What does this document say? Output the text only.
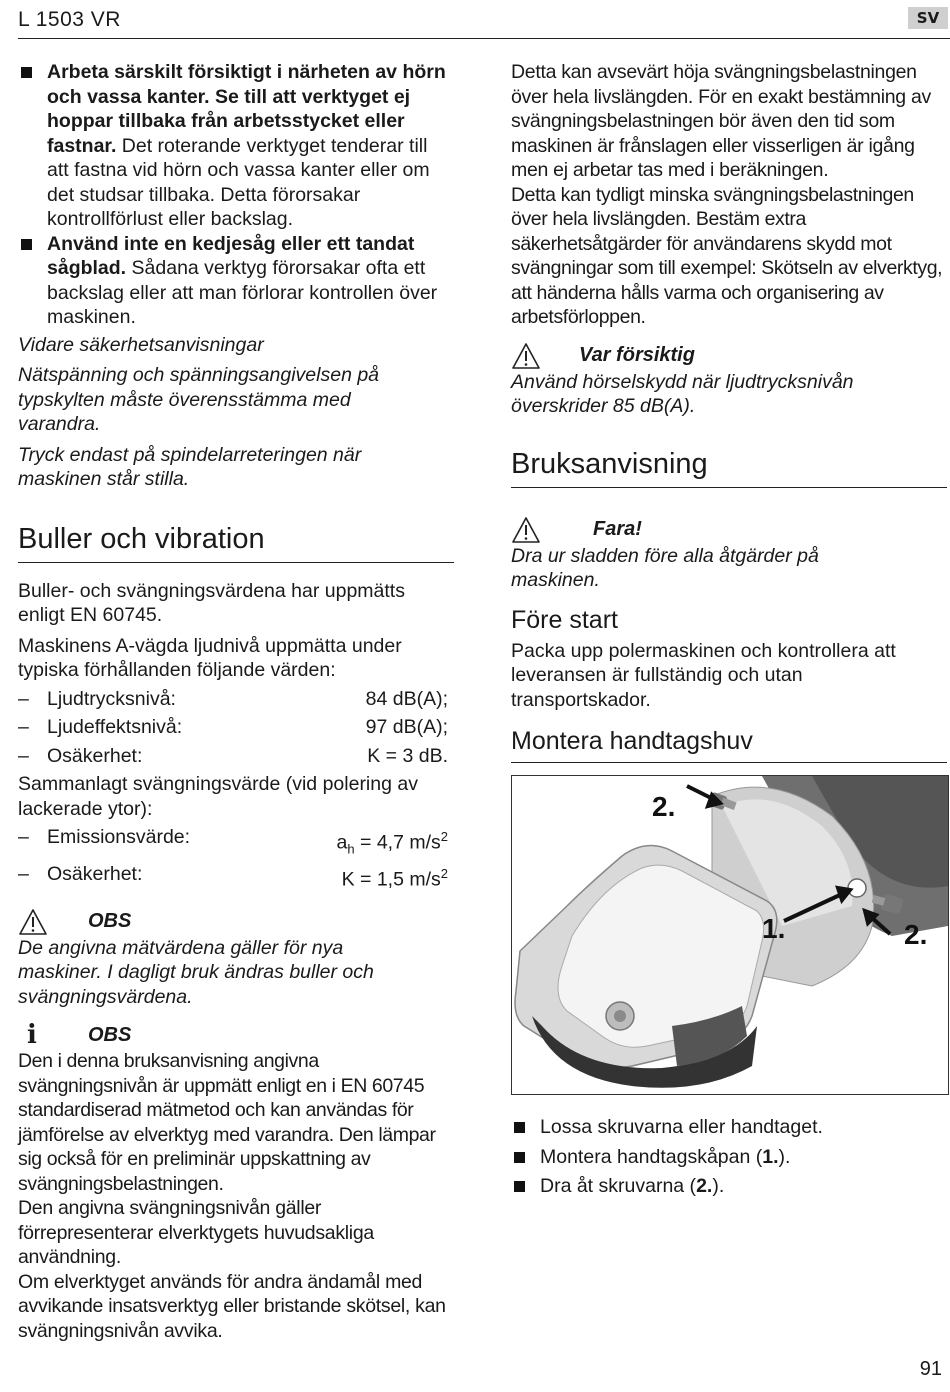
L 1503 VR	SV
Arbeta särskilt försiktigt i närheten av hörn och vassa kanter. Se till att verktyget ej hoppar tillbaka från arbetsstycket eller fastnar. Det roterande verktyget tenderar till att fastna vid hörn och vassa kanter eller om det studsar tillbaka. Detta förorsakar kontrollförlust eller backslag.
Använd inte en kedjesåg eller ett tandat sågblad. Sådana verktyg förorsakar ofta ett backslag eller att man förlorar kontrollen över maskinen.
Vidare säkerhetsanvisningar
Nätspänning och spänningsangivelsen på typskylten måste överensstämma med varandra.
Tryck endast på spindelarreteringen när maskinen står stilla.
Buller och vibration
Buller- och svängningsvärdena har uppmätts enligt EN 60745.
Maskinens A-vägda ljudnivå uppmätta under typiska förhållanden följande värden:
– Ljudtrycksnivå:	84 dB(A);
– Ljudeffektsnivå:	97 dB(A);
– Osäkerhet:	K = 3 dB.
Sammanlagt svängningsvärde (vid polering av lackerade ytor):
– Emissionsvärde:	$a_h = 4,7$ $m/s^2$
– Osäkerhet:	K = 1,5 $m/s^2$
OBS
De angivna mätvärdena gäller för nya maskiner. I dagligt bruk ändras buller och svängningsvärdena.
i	OBS
Den i denna bruksanvisning angivna svängningsnivån är uppmätt enligt en i EN 60745 standardiserad mätmetod och kan användas för jämförelse av elverktyg med varandra. Den lämpar sig också för en preliminär uppskattning av svängningsbelastningen.
Den angivna svängningsnivån gäller förrepresenterar elverktygets huvudsakliga användning.
Om elverktyget används för andra ändamål med avvikande insatsverktyg eller bristande skötsel, kan svängningsnivån avvika.
Detta kan avsevärt höja svängningsbelastningen över hela livslängden. För en exakt bestämning av svängningsbelastningen bör även den tid som maskinen är frånslagen eller visserligen är igång men ej arbetar tas med i beräkningen.
Detta kan tydligt minska svängningsbelastningen över hela livslängden. Bestäm extra säkerhetsåtgärder för användarens skydd mot svängningar som till exempel: Skötseln av elverktyg, att händerna hålls varma och organisering av arbetsförloppen.
Var försiktig
Använd hörselskydd när ljudtrycksnivån överskrider 85 dB(A).
Bruksanvisning
Fara!
Dra ur sladden före alla åtgärder på maskinen.
Före start
Packa upp polermaskinen och kontrollera att leveransen är fullständig och utan transportskador.
Montera handtagshuv
2.
1.	2.
Lossa skruvarna eller handtaget.
Montera handtagskåpan (1.).
Dra åt skruvarna (2.).
91
